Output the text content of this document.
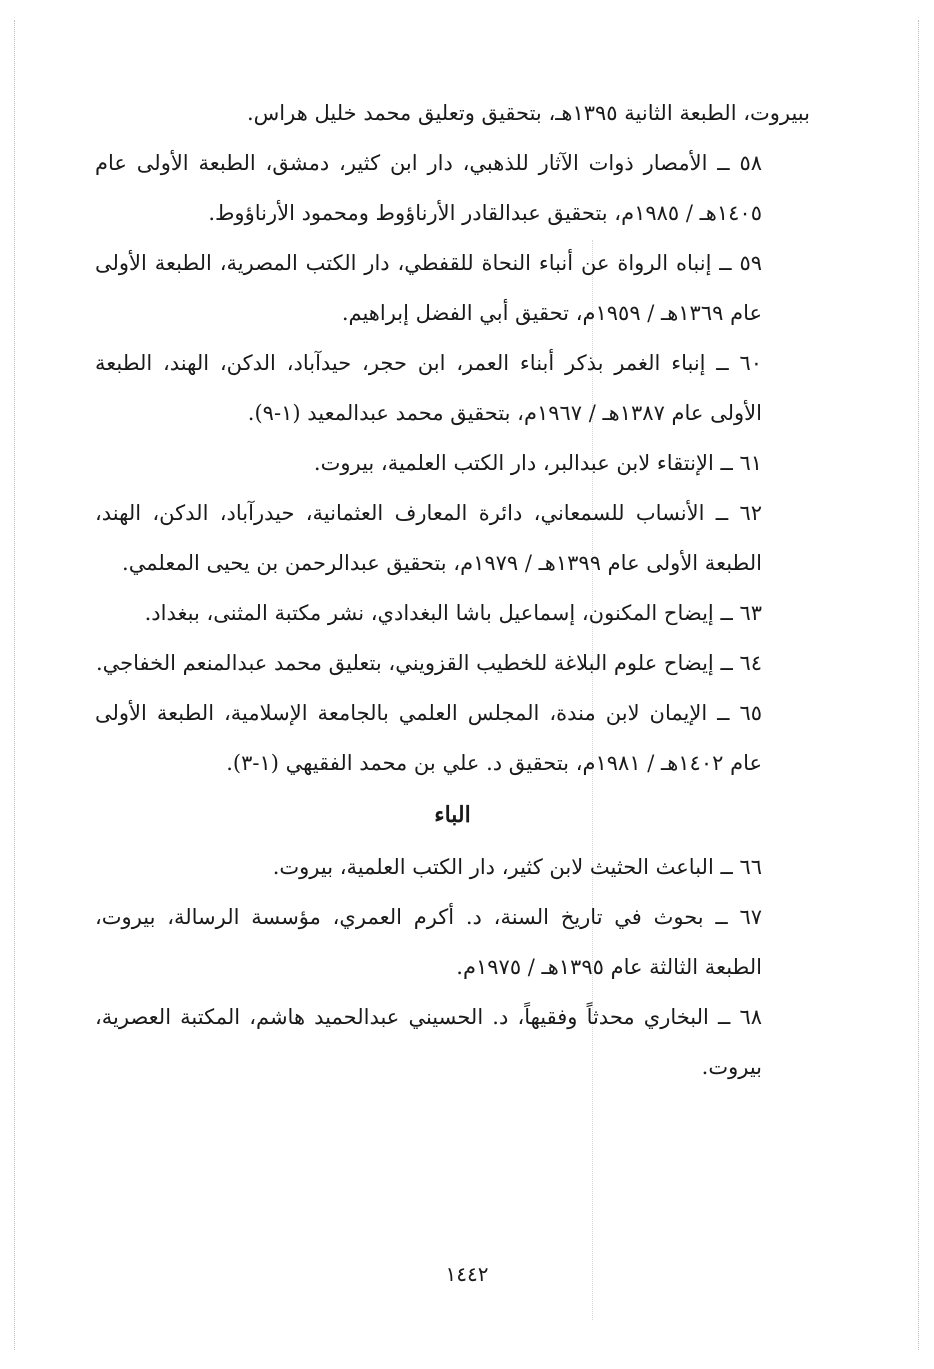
ببيروت، الطبعة الثانية ١٣٩٥هـ، بتحقيق وتعليق محمد خليل هراس.

٥٨ ــ الأمصار ذوات الآثار للذهبي، دار ابن كثير، دمشق، الطبعة الأولى عام ١٤٠٥هـ / ١٩٨٥م، بتحقيق عبدالقادر الأرناؤوط ومحمود الأرناؤوط.

٥٩ ــ إنباه الرواة عن أنباء النحاة للقفطي، دار الكتب المصرية، الطبعة الأولى عام ١٣٦٩هـ / ١٩٥٩م، تحقيق أبي الفضل إبراهيم.

٦٠ ــ إنباء الغمر بذكر أبناء العمر، ابن حجر، حيدآباد، الدكن، الهند، الطبعة الأولى عام ١٣٨٧هـ / ١٩٦٧م، بتحقيق محمد عبدالمعيد (١-٩).

٦١ ــ الإنتقاء لابن عبدالبر، دار الكتب العلمية، بيروت.

٦٢ ــ الأنساب للسمعاني، دائرة المعارف العثمانية، حيدرآباد، الدكن، الهند، الطبعة الأولى عام ١٣٩٩هـ / ١٩٧٩م، بتحقيق عبدالرحمن بن يحيى المعلمي.

٦٣ ــ إيضاح المكنون، إسماعيل باشا البغدادي، نشر مكتبة المثنى، ببغداد.

٦٤ ــ إيضاح علوم البلاغة للخطيب القزويني، بتعليق محمد عبدالمنعم الخفاجي.

٦٥ ــ الإيمان لابن مندة، المجلس العلمي بالجامعة الإسلامية، الطبعة الأولى عام ١٤٠٢هـ / ١٩٨١م، بتحقيق د. علي بن محمد الفقيهي (١-٣).

الباء

٦٦ ــ الباعث الحثيث لابن كثير، دار الكتب العلمية، بيروت.

٦٧ ــ بحوث في تاريخ السنة، د. أكرم العمري، مؤسسة الرسالة، بيروت، الطبعة الثالثة عام ١٣٩٥هـ / ١٩٧٥م.

٦٨ ــ البخاري محدثاً وفقيهاً، د. الحسيني عبدالحميد هاشم، المكتبة العصرية، بيروت.

١٤٤٢
